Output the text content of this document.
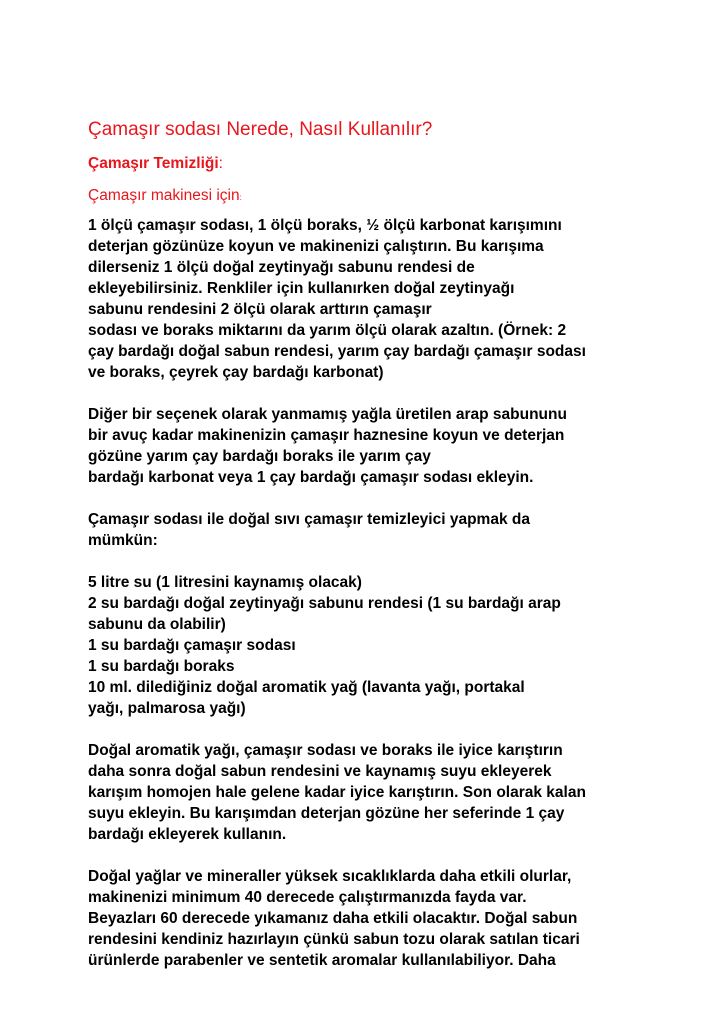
Çamaşır sodası Nerede, Nasıl Kullanılır?
Çamaşır Temizliği:
Çamaşır makinesi için:
1 ölçü çamaşır sodası, 1 ölçü boraks, ½ ölçü karbonat karışımını
deterjan gözünüze koyun ve makinenizi çalıştırın. Bu karışıma
dilerseniz 1 ölçü doğal zeytinyağı sabunu rendesi de
ekleyebilirsiniz. Renkliler için kullanırken doğal zeytinyağı
sabunu rendesini 2 ölçü olarak arttırın çamaşır
sodası ve boraks miktarını da yarım ölçü olarak azaltın. (Örnek: 2
çay bardağı doğal sabun rendesi, yarım çay bardağı çamaşır sodası
ve boraks, çeyrek çay bardağı karbonat)
Diğer bir seçenek olarak yanmamış yağla üretilen arap sabununu
bir avuç kadar makinenizin çamaşır haznesine koyun ve deterjan
gözüne yarım çay bardağı boraks ile yarım çay
bardağı karbonat veya 1 çay bardağı çamaşır sodası ekleyin.
Çamaşır sodası ile doğal sıvı çamaşır temizleyici yapmak da
mümkün:
5 litre su (1 litresini kaynamış olacak)
2 su bardağı doğal zeytinyağı sabunu rendesi (1 su bardağı arap
sabunu da olabilir)
1 su bardağı çamaşır sodası
1 su bardağı boraks
10 ml. dilediğiniz doğal aromatik yağ (lavanta yağı, portakal
yağı, palmarosa yağı)
Doğal aromatik yağı, çamaşır sodası ve boraks ile iyice karıştırın
daha sonra doğal sabun rendesini ve kaynamış suyu ekleyerek
karışım homojen hale gelene kadar iyice karıştırın. Son olarak kalan
suyu ekleyin. Bu karışımdan deterjan gözüne her seferinde 1 çay
bardağı ekleyerek kullanın.
Doğal yağlar ve mineraller yüksek sıcaklıklarda daha etkili olurlar,
makinenizi minimum 40 derecede çalıştırmanızda fayda var.
Beyazları 60 derecede yıkamanız daha etkili olacaktır. Doğal sabun
rendesini kendiniz hazırlayın çünkü sabun tozu olarak satılan ticari
ürünlerde parabenler ve sentetik aromalar kullanılabiliyor. Daha
